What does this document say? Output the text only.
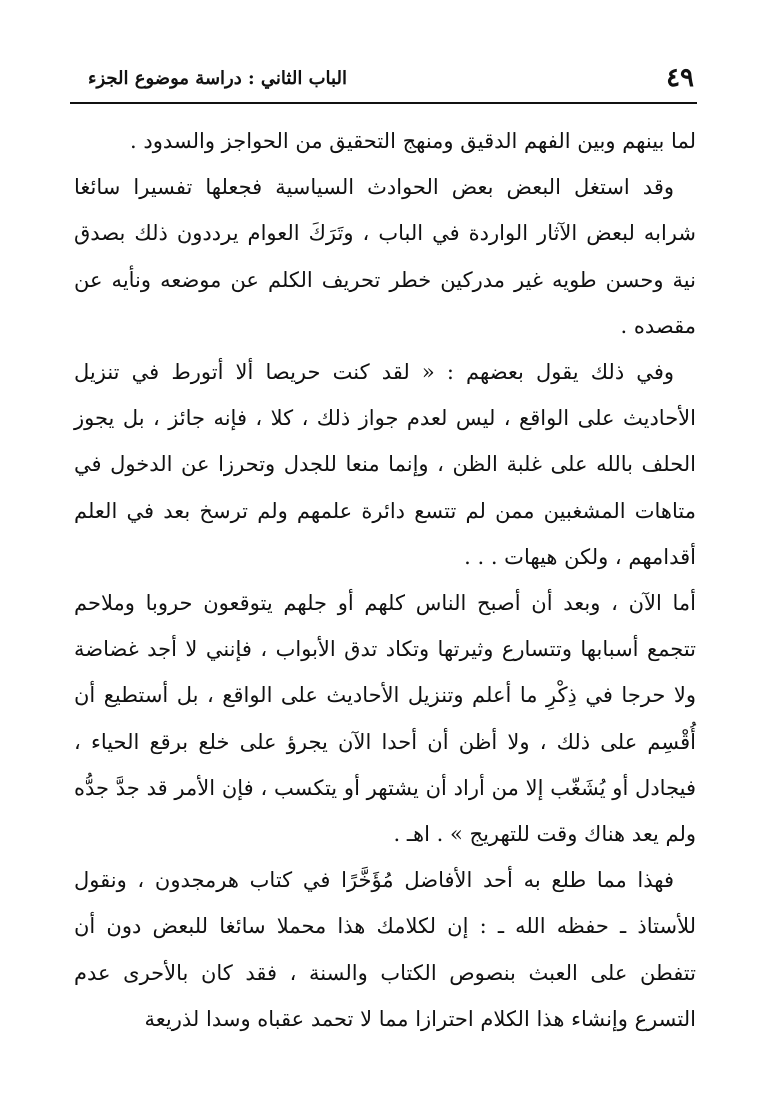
الباب الثاني : دراسة موضوع الجزء	٤٩

لما بينهم وبين الفهم الدقيق ومنهج التحقيق من الحواجز والسدود .

وقد استغل البعض بعض الحوادث السياسية فجعلها تفسيرا سائغا شرابه لبعض الآثار الواردة في الباب ، وتَرَكَ العوام يرددون ذلك بصدق نية وحسن طويه غير مدركين خطر تحريف الكلم عن موضعه ونأيه عن مقصده .

وفي ذلك يقول بعضهم : « لقد كنت حريصا ألا أتورط في تنزيل الأحاديث على الواقع ، ليس لعدم جواز ذلك ، كلا ، فإنه جائز ، بل يجوز الحلف بالله على غلبة الظن ، وإنما منعا للجدل وتحرزا عن الدخول في متاهات المشغبين ممن لم تتسع دائرة علمهم ولم ترسخ بعد في العلم أقدامهم ، ولكن هيهات . . .

أما الآن ، وبعد أن أصبح الناس كلهم أو جلهم يتوقعون حروبا وملاحم تتجمع أسبابها وتتسارع وثيرتها وتكاد تدق الأبواب ، فإنني لا أجد غضاضة ولا حرجا في ذِكْرِ ما أعلم وتنزيل الأحاديث على الواقع ، بل أستطيع أن أُقْسِم على ذلك ، ولا أظن أن أحدا الآن يجرؤ على خلع برقع الحياء ، فيجادل أو يُشَغّب إلا من أراد أن يشتهر أو يتكسب ، فإن الأمر قد جدَّ جدُّه ولم يعد هناك وقت للتهريج » . اهـ .

فهذا مما طلع به أحد الأفاضل مُؤَخَّرًا في كتاب هرمجدون ، ونقول للأستاذ ـ حفظه الله ـ : إن لكلامك هذا محملا سائغا للبعض دون أن تتفطن على العبث بنصوص الكتاب والسنة ، فقد كان بالأحرى عدم التسرع وإنشاء هذا الكلام احترازا مما لا تحمد عقباه وسدا لذريعة
